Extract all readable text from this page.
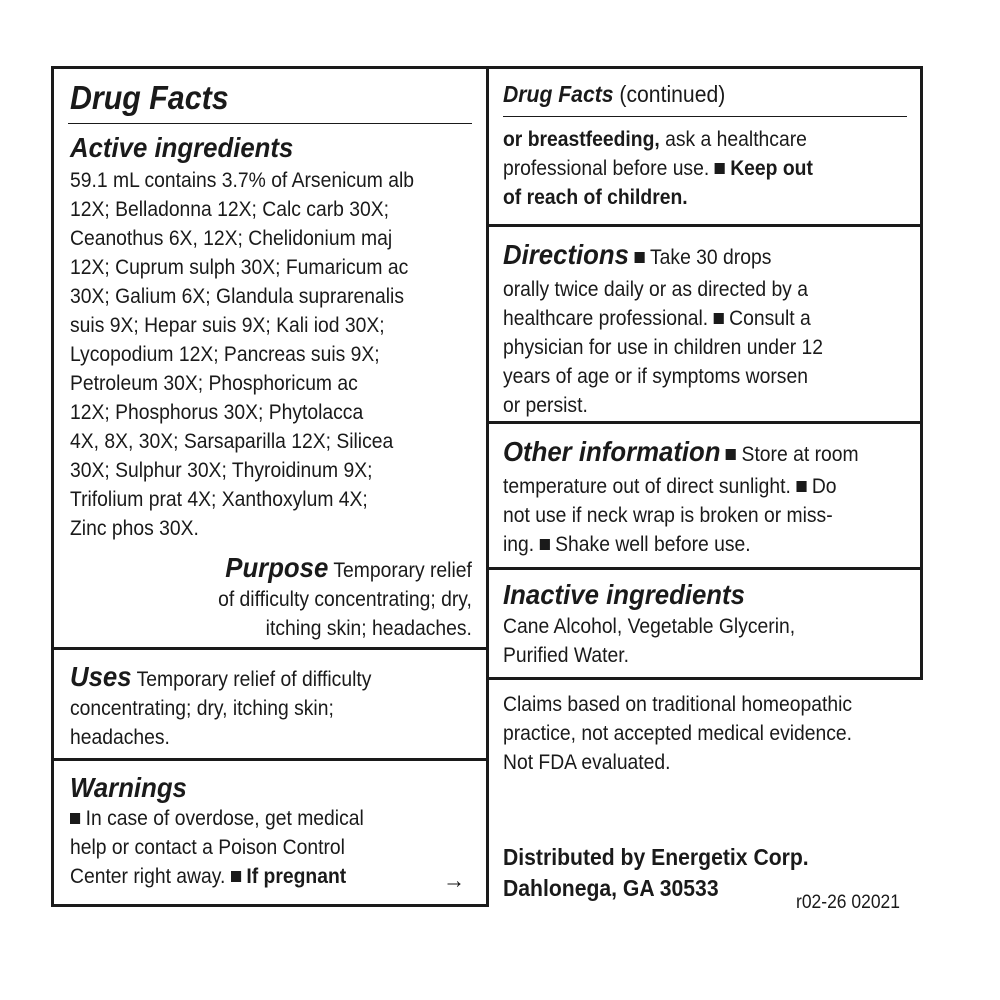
Drug Facts
Active ingredients
59.1 mL contains 3.7% of Arsenicum alb
12X; Belladonna 12X; Calc carb 30X;
Ceanothus 6X, 12X; Chelidonium maj
12X; Cuprum sulph 30X; Fumaricum ac
30X; Galium 6X; Glandula suprarenalis
suis 9X; Hepar suis 9X; Kali iod 30X;
Lycopodium 12X; Pancreas suis 9X;
Petroleum 30X; Phosphoricum ac
12X; Phosphorus 30X; Phytolacca
4X, 8X, 30X; Sarsaparilla 12X; Silicea
30X; Sulphur 30X; Thyroidinum 9X;
Trifolium prat 4X; Xanthoxylum 4X;
Zinc phos 30X.
Purpose Temporary relief
of difficulty concentrating; dry,
itching skin; headaches.
Uses Temporary relief of difficulty
concentrating; dry, itching skin;
headaches.
Warnings
In case of overdose, get medical
help or contact a Poison Control
Center right away. If pregnant	→
Drug Facts (continued)
or breastfeeding, ask a healthcare
professional before use. Keep out
of reach of children.
Directions Take 30 drops
orally twice daily or as directed by a
healthcare professional. Consult a
physician for use in children under 12
years of age or if symptoms worsen
or persist.
Other information Store at room
temperature out of direct sunlight. Do
not use if neck wrap is broken or miss-
ing. Shake well before use.
Inactive ingredients
Cane Alcohol, Vegetable Glycerin,
Purified Water.
Claims based on traditional homeopathic
practice, not accepted medical evidence.
Not FDA evaluated.
Distributed by Energetix Corp.
Dahlonega, GA 30533
r02-26 02021
